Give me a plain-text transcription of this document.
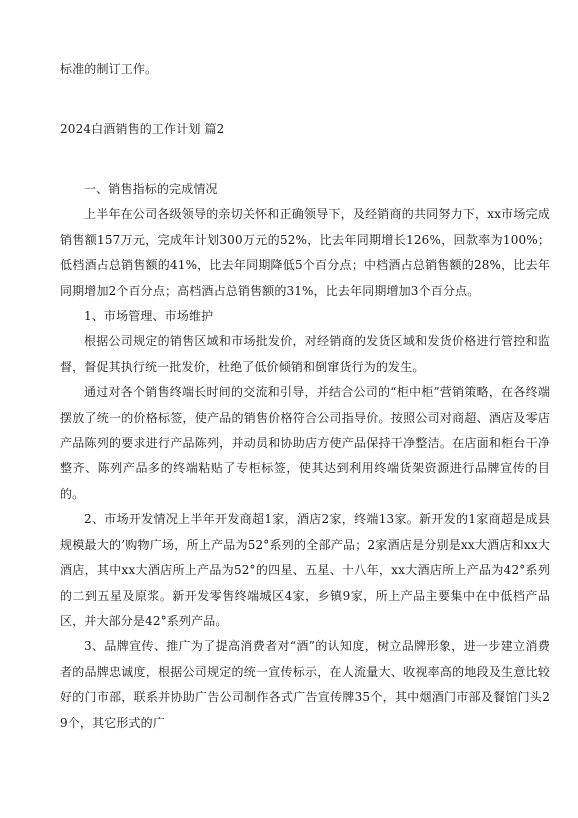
标准的制订工作。

2024白酒销售的工作计划 篇2

一、销售指标的完成情况

上半年在公司各级领导的亲切关怀和正确领导下，及经销商的共同努力下，xx市场完成销售额157万元，完成年计划300万元的52%，比去年同期增长126%，回款率为100%；低档酒占总销售额的41%，比去年同期降低5个百分点；中档酒占总销售额的28%，比去年同期增加2个百分点；高档酒占总销售额的31%，比去年同期增加3个百分点。

1、市场管理、市场维护

根据公司规定的销售区域和市场批发价，对经销商的发货区域和发货价格进行管控和监督，督促其执行统一批发价，杜绝了低价倾销和倒窜货行为的发生。

通过对各个销售终端长时间的交流和引导，并结合公司的“柜中柜”营销策略，在各终端摆放了统一的价格标签，使产品的销售价格符合公司指导价。按照公司对商超、酒店及零店产品陈列的要求进行产品陈列，并动员和协助店方使产品保持干净整洁。在店面和柜台干净整齐、陈列产品多的终端粘贴了专柜标签，使其达到利用终端货架资源进行品牌宣传的目的。

2、市场开发情况上半年开发商超1家，酒店2家，终端13家。新开发的1家商超是成县规模最大的’购物广场，所上产品为52°系列的全部产品；2家酒店是分别是xx大酒店和xx大酒店，其中xx大酒店所上产品为52°的四星、五星、十八年，xx大酒店所上产品为42°系列的二到五星及原浆。新开发零售终端城区4家，乡镇9家，所上产品主要集中在中低档产品区，并大部分是42°系列产品。

3、品牌宣传、推广为了提高消费者对“酒”的认知度，树立品牌形象，进一步建立消费者的品牌忠诚度，根据公司规定的统一宣传标示，在人流量大、收视率高的地段及生意比较好的门市部，联系并协助广告公司制作各式广告宣传牌35个，其中烟酒门市部及餐馆门头29个，其它形式的广
